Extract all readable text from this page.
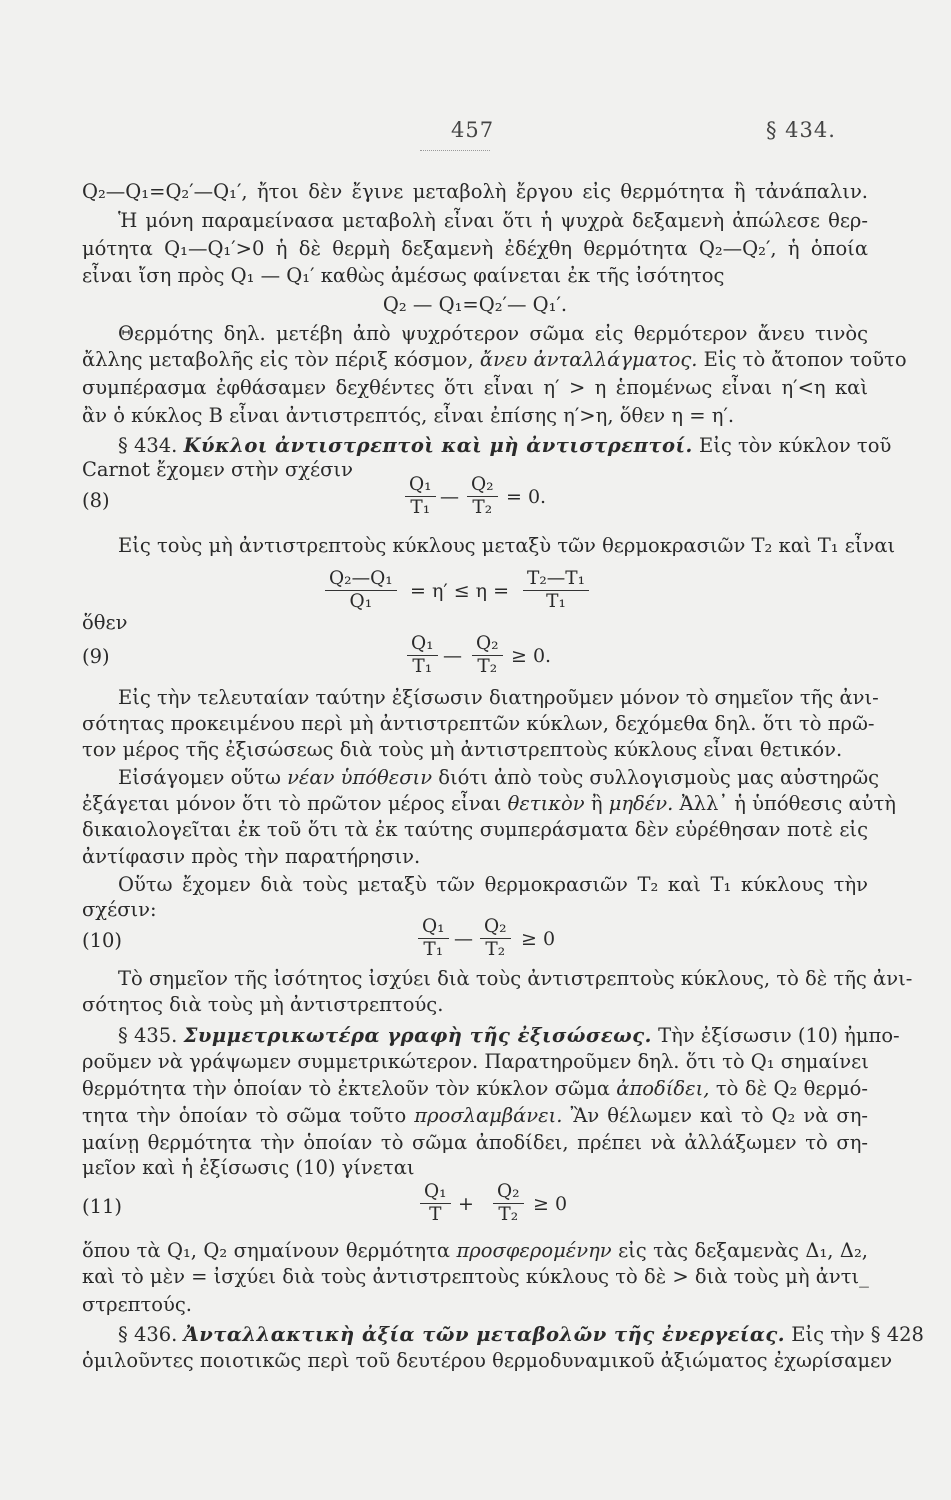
457	§ 434.
Q₂—Q₁=Q₂′—Q₁′, ἤτοι δὲν ἔγινε μεταβολὴ ἔργου εἰς θερμότητα ἢ τἀνάπαλιν.
Ἡ μόνη παραμείνασα μεταβολὴ εἶναι ὅτι ἡ ψυχρὰ δεξαμενὴ ἀπώλεσε θερ-
μότητα Q₁—Q₁′>0 ἡ δὲ θερμὴ δεξαμενὴ ἐδέχθη θερμότητα Q₂—Q₂′, ἡ ὁποία
εἶναι ἴση πρὸς Q₁ — Q₁′ καθὼς ἀμέσως φαίνεται ἐκ τῆς ἰσότητος
Q₂ — Q₁=Q₂′— Q₁′.
Θερμότης δηλ. μετέβη ἀπὸ ψυχρότερον σῶμα εἰς θερμότερον ἄνευ τινὸς
ἄλλης μεταβολῆς εἰς τὸν πέριξ κόσμον, ἄνευ ἀνταλλάγματος. Εἰς τὸ ἄτοπον τοῦτο
συμπέρασμα ἐφθάσαμεν δεχθέντες ὅτι εἶναι η′ > η ἑπομένως εἶναι η′<η καὶ
ἂν ὁ κύκλος B εἶναι ἀντιστρεπτός, εἶναι ἐπίσης η′>η, ὅθεν η = η′.
§ 434. Κύκλοι ἀντιστρεπτοὶ καὶ μὴ ἀντιστρεπτοί. Εἰς τὸν κύκλον τοῦ
Carnot ἔχομεν στὴν σχέσιν
(8)
Q₁
T₁ —
Q₂
T₂ = 0.
Εἰς τοὺς μὴ ἀντιστρεπτοὺς κύκλους μεταξὺ τῶν θερμοκρασιῶν T₂ καὶ T₁ εἶναι
Q₂—Q₁
Q₁ = η′ ≤ η =
T₂—T₁
T₁
ὅθεν
(9)
Q₁
T₁ —
Q₂
T₂ ≥ 0.
Εἰς τὴν τελευταίαν ταύτην ἐξίσωσιν διατηροῦμεν μόνον τὸ σημεῖον τῆς ἀνι-
σότητας προκειμένου περὶ μὴ ἀντιστρεπτῶν κύκλων, δεχόμεθα δηλ. ὅτι τὸ πρῶ-
τον μέρος τῆς ἐξισώσεως διὰ τοὺς μὴ ἀντιστρεπτοὺς κύκλους εἶναι θετικόν.
Εἰσάγομεν οὕτω νέαν ὑπόθεσιν διότι ἀπὸ τοὺς συλλογισμοὺς μας αὐστηρῶς
ἐξάγεται μόνον ὅτι τὸ πρῶτον μέρος εἶναι θετικὸν ἢ μηδέν. Ἀλλ᾽ ἡ ὑπόθεσις αὐτὴ
δικαιολογεῖται ἐκ τοῦ ὅτι τὰ ἐκ ταύτης συμπεράσματα δὲν εὑρέθησαν ποτὲ εἰς
ἀντίφασιν πρὸς τὴν παρατήρησιν.
Οὕτω ἔχομεν διὰ τοὺς μεταξὺ τῶν θερμοκρασιῶν T₂ καὶ T₁ κύκλους τὴν
σχέσιν:
(10)
Q₁
T₁ —
Q₂
T₂ ≥ 0
Τὸ σημεῖον τῆς ἰσότητος ἰσχύει διὰ τοὺς ἀντιστρεπτοὺς κύκλους, τὸ δὲ τῆς ἀνι-
σότητος διὰ τοὺς μὴ ἀντιστρεπτούς.
§ 435. Συμμετρικωτέρα γραφὴ τῆς ἐξισώσεως. Τὴν ἐξίσωσιν (10) ἠμπο-
ροῦμεν νὰ γράψωμεν συμμετρικώτερον. Παρατηροῦμεν δηλ. ὅτι τὸ Q₁ σημαίνει
θερμότητα τὴν ὁποίαν τὸ ἐκτελοῦν τὸν κύκλον σῶμα ἀποδίδει, τὸ δὲ Q₂ θερμό-
τητα τὴν ὁποίαν τὸ σῶμα τοῦτο προσλαμβάνει. Ἂν θέλωμεν καὶ τὸ Q₂ νὰ ση-
μαίνῃ θερμότητα τὴν ὁποίαν τὸ σῶμα ἀποδίδει, πρέπει νὰ ἀλλάξωμεν τὸ ση-
μεῖον καὶ ἡ ἐξίσωσις (10) γίνεται
(11)
Q₁
T +
Q₂
T₂ ≥ 0
ὅπου τὰ Q₁, Q₂ σημαίνουν θερμότητα προσφερομένην εἰς τὰς δεξαμενὰς Δ₁, Δ₂,
καὶ τὸ μὲν = ἰσχύει διὰ τοὺς ἀντιστρεπτοὺς κύκλους τὸ δὲ > διὰ τοὺς μὴ ἀντι_
στρεπτούς.
§ 436. Ἀνταλλακτικὴ ἀξία τῶν μεταβολῶν τῆς ἐνεργείας. Εἰς τὴν § 428
ὁμιλοῦντες ποιοτικῶς περὶ τοῦ δευτέρου θερμοδυναμικοῦ ἀξιώματος ἐχωρίσαμεν
